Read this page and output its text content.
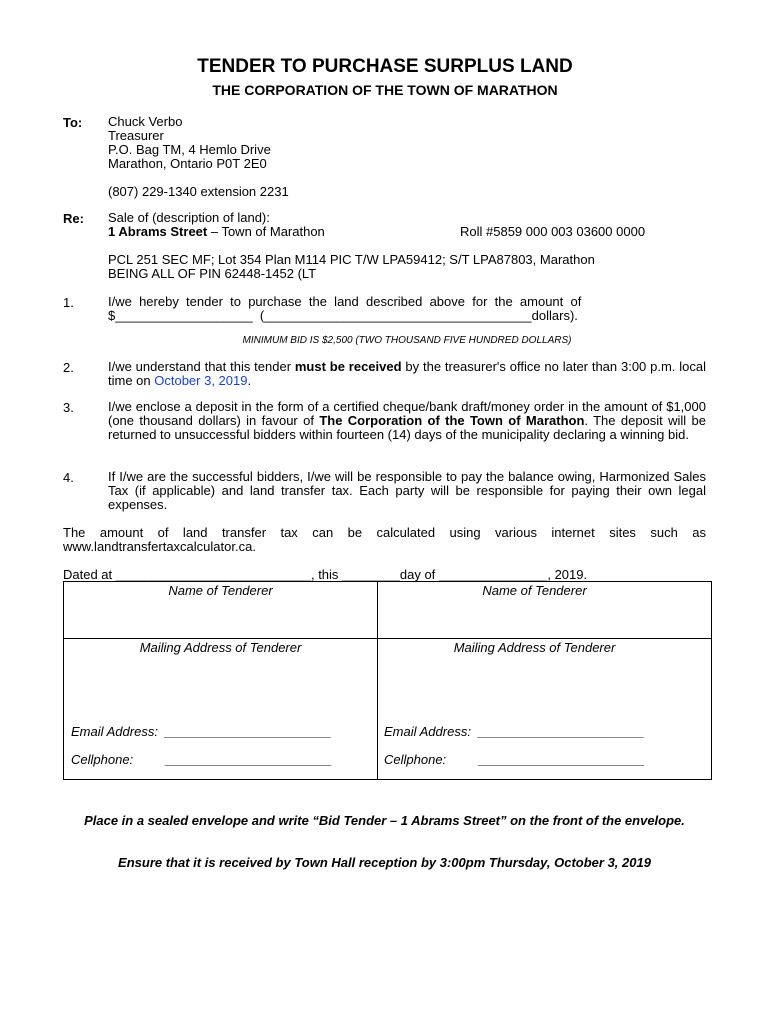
TENDER TO PURCHASE SURPLUS LAND
THE CORPORATION OF THE TOWN OF MARATHON
To: Chuck Verbo
Treasurer
P.O. Bag TM, 4 Hemlo Drive
Marathon, Ontario P0T 2E0
(807) 229-1340 extension 2231
Re: Sale of (description of land):
1 Abrams Street – Town of Marathon	Roll #5859 000 003 03600 0000
PCL 251 SEC MF; Lot 354 Plan M114 PIC T/W LPA59412; S/T LPA87803, Marathon
BEING ALL OF PIN 62448-1452 (LT
1.	I/we  hereby  tender  to  purchase  the  land  described  above  for  the  amount  of
$___________________  (_____________________________________dollars).
MINIMUM BID IS $2,500 (TWO THOUSAND FIVE HUNDRED DOLLARS)
2.	I/we understand that this tender must be received by the treasurer's office no later than 3:00 p.m. local time on October 3, 2019.
3.	I/we enclose a deposit in the form of a certified cheque/bank draft/money order in the amount of $1,000 (one thousand dollars) in favour of The Corporation of the Town of Marathon. The deposit will be returned to unsuccessful bidders within fourteen (14) days of the municipality declaring a winning bid.
4.	If I/we are the successful bidders, I/we will be responsible to pay the balance owing, Harmonized Sales Tax (if applicable) and land transfer tax. Each party will be responsible for paying their own legal expenses.
The amount of land transfer tax can be calculated using various internet sites such as www.landtransfertaxcalculator.ca.
Dated at ___________________________, this ________day of _______________, 2019.
Name of Tenderer	Name of Tenderer
Mailing Address of Tenderer	Mailing Address of Tenderer
Email Address:  _______________________	Email Address:  _______________________
Cellphone:         _______________________	Cellphone:         _______________________
Place in a sealed envelope and write “Bid Tender – 1 Abrams Street” on the front of the envelope.
Ensure that it is received by Town Hall reception by 3:00pm Thursday, October 3, 2019
